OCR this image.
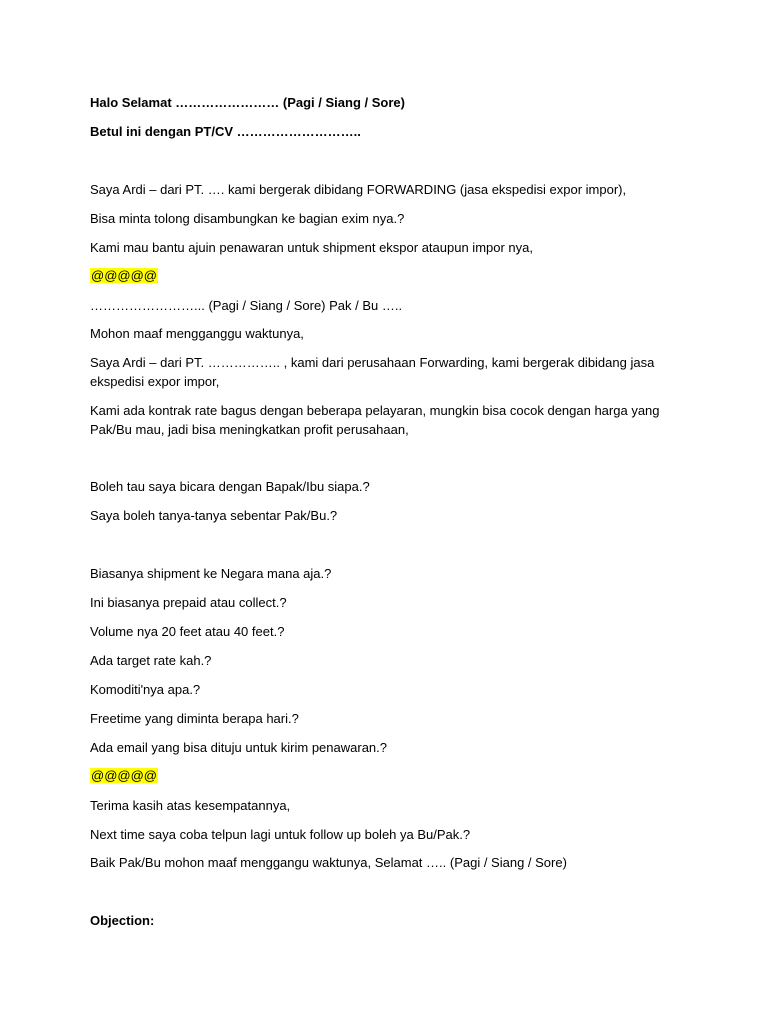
Halo Selamat …………………… (Pagi / Siang / Sore)
Betul ini dengan PT/CV ………………………..
Saya Ardi – dari PT. …. kami bergerak dibidang FORWARDING (jasa ekspedisi expor impor),
Bisa minta tolong disambungkan ke bagian exim nya.?
Kami mau bantu ajuin penawaran untuk shipment ekspor ataupun impor nya,
@@@@@
……………………... (Pagi / Siang / Sore) Pak / Bu …..
Mohon maaf mengganggu waktunya,
Saya Ardi – dari PT. …………….. , kami dari perusahaan Forwarding, kami bergerak dibidang jasa ekspedisi expor impor,
Kami ada kontrak rate bagus dengan beberapa pelayaran, mungkin bisa cocok dengan harga yang Pak/Bu mau, jadi bisa meningkatkan profit perusahaan,
Boleh tau saya bicara dengan Bapak/Ibu siapa.?
Saya boleh tanya-tanya sebentar Pak/Bu.?
Biasanya shipment ke Negara mana aja.?
Ini biasanya prepaid atau collect.?
Volume nya 20 feet atau 40 feet.?
Ada target rate kah.?
Komoditi'nya apa.?
Freetime yang diminta berapa hari.?
Ada email yang bisa dituju untuk kirim penawaran.?
@@@@@
Terima kasih atas kesempatannya,
Next time saya coba telpun lagi untuk follow up boleh ya Bu/Pak.?
Baik Pak/Bu mohon maaf menggangu waktunya, Selamat ….. (Pagi / Siang / Sore)
Objection:
